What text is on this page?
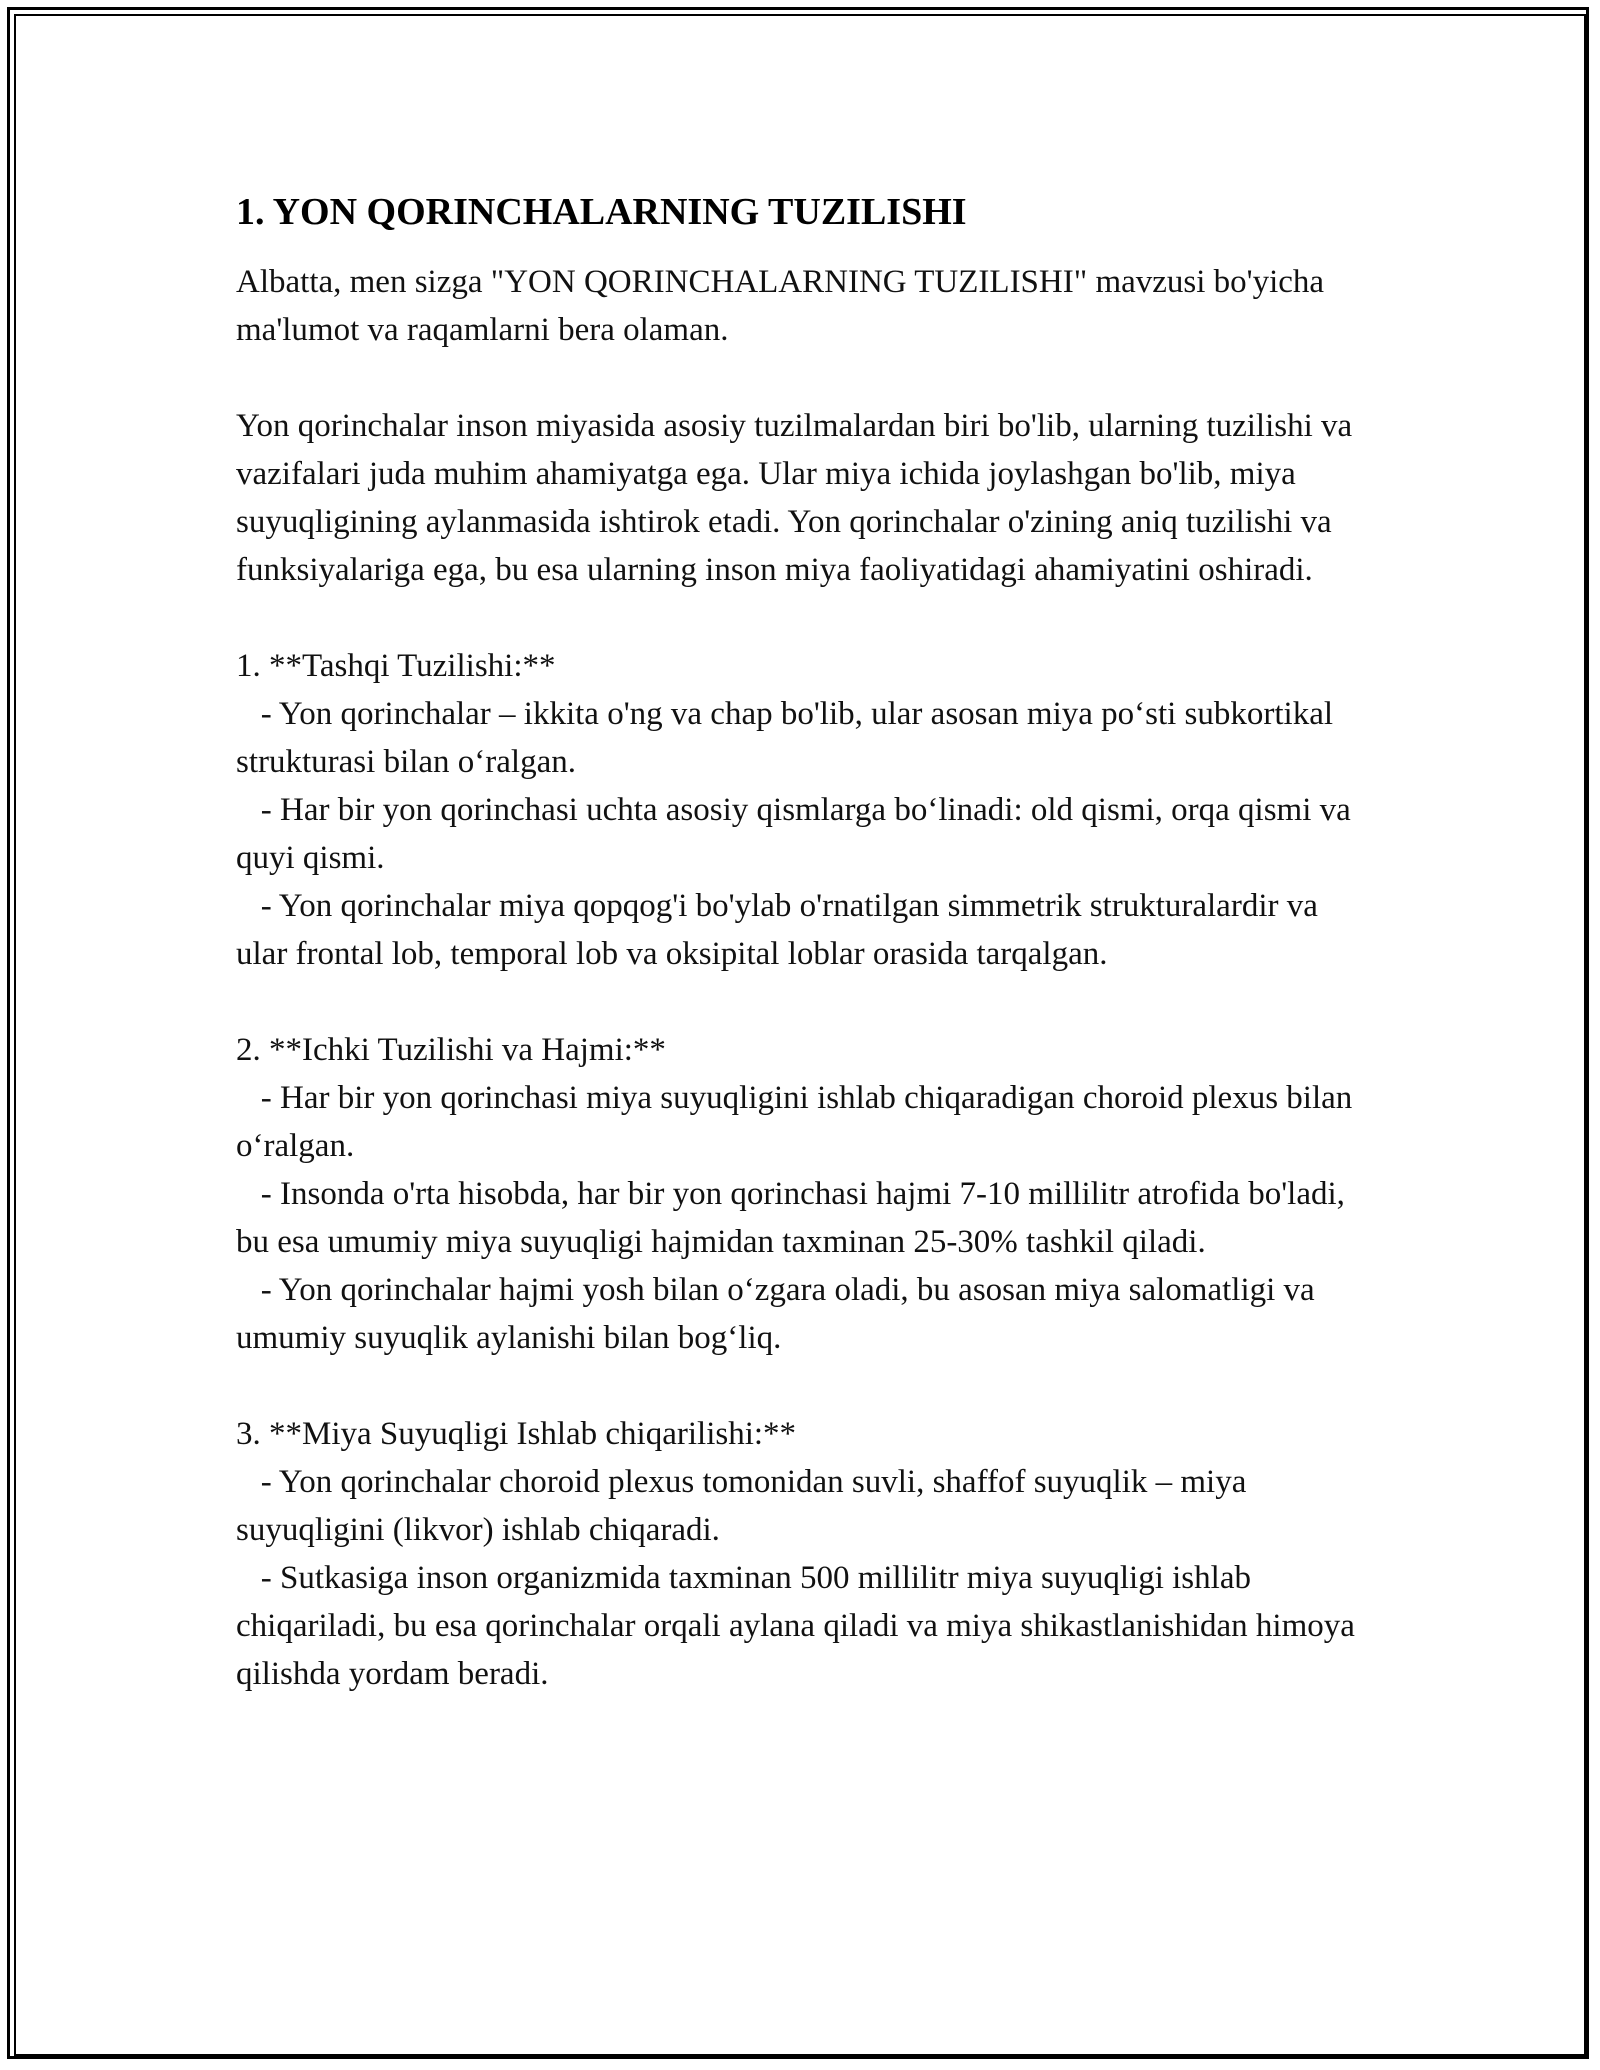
1. YON QORINCHALARNING TUZILISHI

Albatta, men sizga "YON QORINCHALARNING TUZILISHI" mavzusi bo'yicha ma'lumot va raqamlarni bera olaman.

Yon qorinchalar inson miyasida asosiy tuzilmalardan biri bo'lib, ularning tuzilishi va vazifalari juda muhim ahamiyatga ega. Ular miya ichida joylashgan bo'lib, miya suyuqligining aylanmasida ishtirok etadi. Yon qorinchalar o'zining aniq tuzilishi va funksiyalariga ega, bu esa ularning inson miya faoliyatidagi ahamiyatini oshiradi.

1. **Tashqi Tuzilishi:**
- Yon qorinchalar – ikkita o'ng va chap bo'lib, ular asosan miya po‘sti subkortikal strukturasi bilan o‘ralgan.
- Har bir yon qorinchasi uchta asosiy qismlarga bo‘linadi: old qismi, orqa qismi va quyi qismi.
- Yon qorinchalar miya qopqog'i bo'ylab o'rnatilgan simmetrik strukturalardir va ular frontal lob, temporal lob va oksipital loblar orasida tarqalgan.
2. **Ichki Tuzilishi va Hajmi:**
- Har bir yon qorinchasi miya suyuqligini ishlab chiqaradigan choroid plexus bilan o‘ralgan.
- Insonda o'rta hisobda, har bir yon qorinchasi hajmi 7-10 millilitr atrofida bo'ladi, bu esa umumiy miya suyuqligi hajmidan taxminan 25-30% tashkil qiladi.
- Yon qorinchalar hajmi yosh bilan o‘zgara oladi, bu asosan miya salomatligi va umumiy suyuqlik aylanishi bilan bog‘liq.
3. **Miya Suyuqligi Ishlab chiqarilishi:**
- Yon qorinchalar choroid plexus tomonidan suvli, shaffof suyuqlik – miya suyuqligini (likvor) ishlab chiqaradi.
- Sutkasiga inson organizmida taxminan 500 millilitr miya suyuqligi ishlab chiqariladi, bu esa qorinchalar orqali aylana qiladi va miya shikastlanishidan himoya qilishda yordam beradi.
